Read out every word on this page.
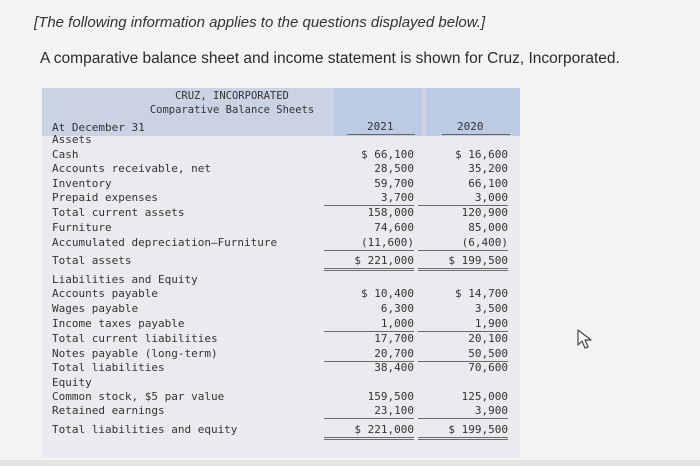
[The following information applies to the questions displayed below.]
A comparative balance sheet and income statement is shown for Cruz, Incorporated.
CRUZ, INCORPORATED
Comparative Balance Sheets
At December 31	2021	2020
Assets
Cash	$ 66,100	$ 16,600
Accounts receivable, net	28,500	35,200
Inventory	59,700	66,100
Prepaid expenses	3,700	3,000
Total current assets	158,000	120,900
Furniture	74,600	85,000
Accumulated depreciation—Furniture	(11,600)	(6,400)
Total assets	$ 221,000	$ 199,500
Liabilities and Equity
Accounts payable	$ 10,400	$ 14,700
Wages payable	6,300	3,500
Income taxes payable	1,000	1,900
Total current liabilities	17,700	20,100
Notes payable (long-term)	20,700	50,500
Total liabilities	38,400	70,600
Equity
Common stock, $5 par value	159,500	125,000
Retained earnings	23,100	3,900
Total liabilities and equity	$ 221,000	$ 199,500
